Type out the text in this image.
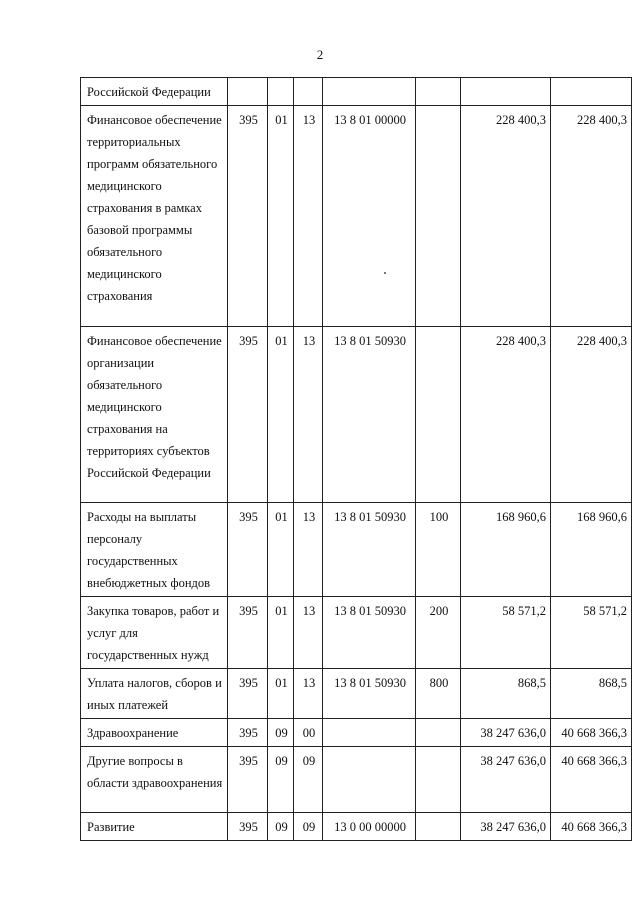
2
Российской Федерации							
Финансовое обеспечение территориальных программ обязательного медицинского страхования в рамках базовой программы обязательного медицинского страхования	395	01	13	13 8 01 00000		228 400,3	228 400,3
Финансовое обеспечение организации обязательного медицинского страхования на территориях субъектов Российской Федерации	395	01	13	13 8 01 50930		228 400,3	228 400,3
Расходы на выплаты персоналу государственных внебюджетных фондов	395	01	13	13 8 01 50930	100	168 960,6	168 960,6
Закупка товаров, работ и услуг для государственных нужд	395	01	13	13 8 01 50930	200	58 571,2	58 571,2
Уплата налогов, сборов и иных платежей	395	01	13	13 8 01 50930	800	868,5	868,5
Здравоохранение	395	09	00			38 247 636,0	40 668 366,3
Другие вопросы в области здравоохранения	395	09	09			38 247 636,0	40 668 366,3
Развитие	395	09	09	13 0 00 00000		38 247 636,0	40 668 366,3
